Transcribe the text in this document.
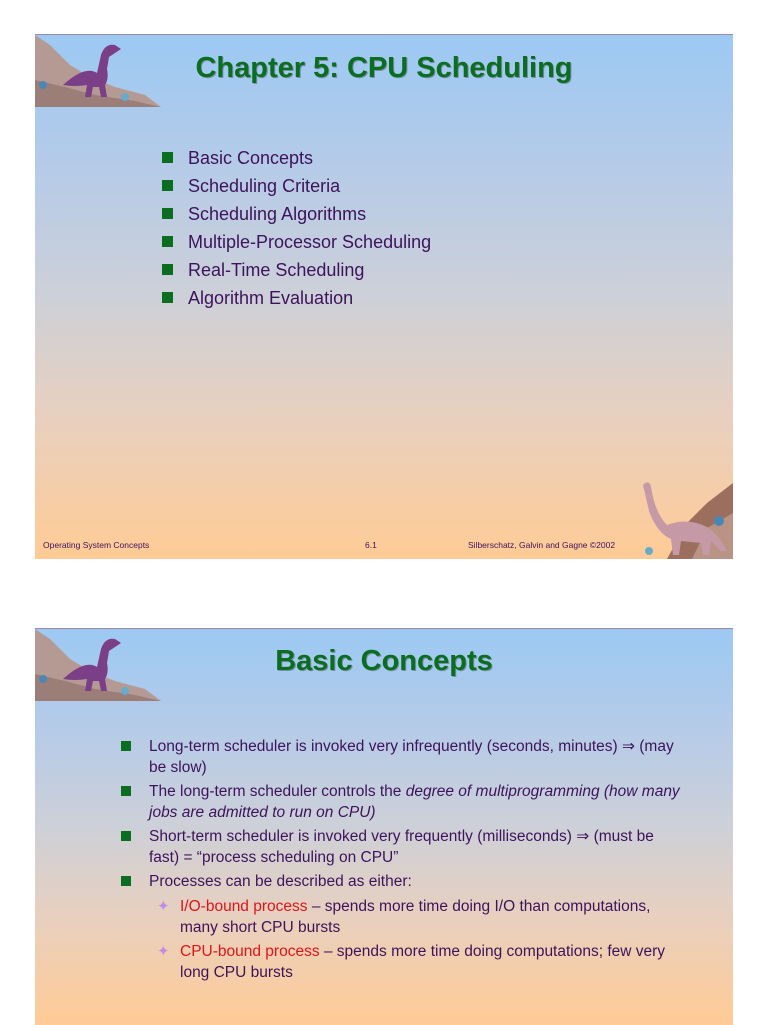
Chapter 5: CPU Scheduling
Basic Concepts
Scheduling Criteria
Scheduling Algorithms
Multiple-Processor Scheduling
Real-Time Scheduling
Algorithm Evaluation
Operating System Concepts	6.1	Silberschatz, Galvin and Gagne ©2002
Basic Concepts
Long-term scheduler is invoked very infrequently (seconds, minutes) ⇒ (may be slow)
The long-term scheduler controls the degree of multiprogramming (how many jobs are admitted to run on CPU)
Short-term scheduler is invoked very frequently (milliseconds) ⇒ (must be fast) = “process scheduling on CPU”
Processes can be described as either:
✦ I/O-bound process – spends more time doing I/O than computations, many short CPU bursts
✦ CPU-bound process – spends more time doing computations; few very long CPU bursts
